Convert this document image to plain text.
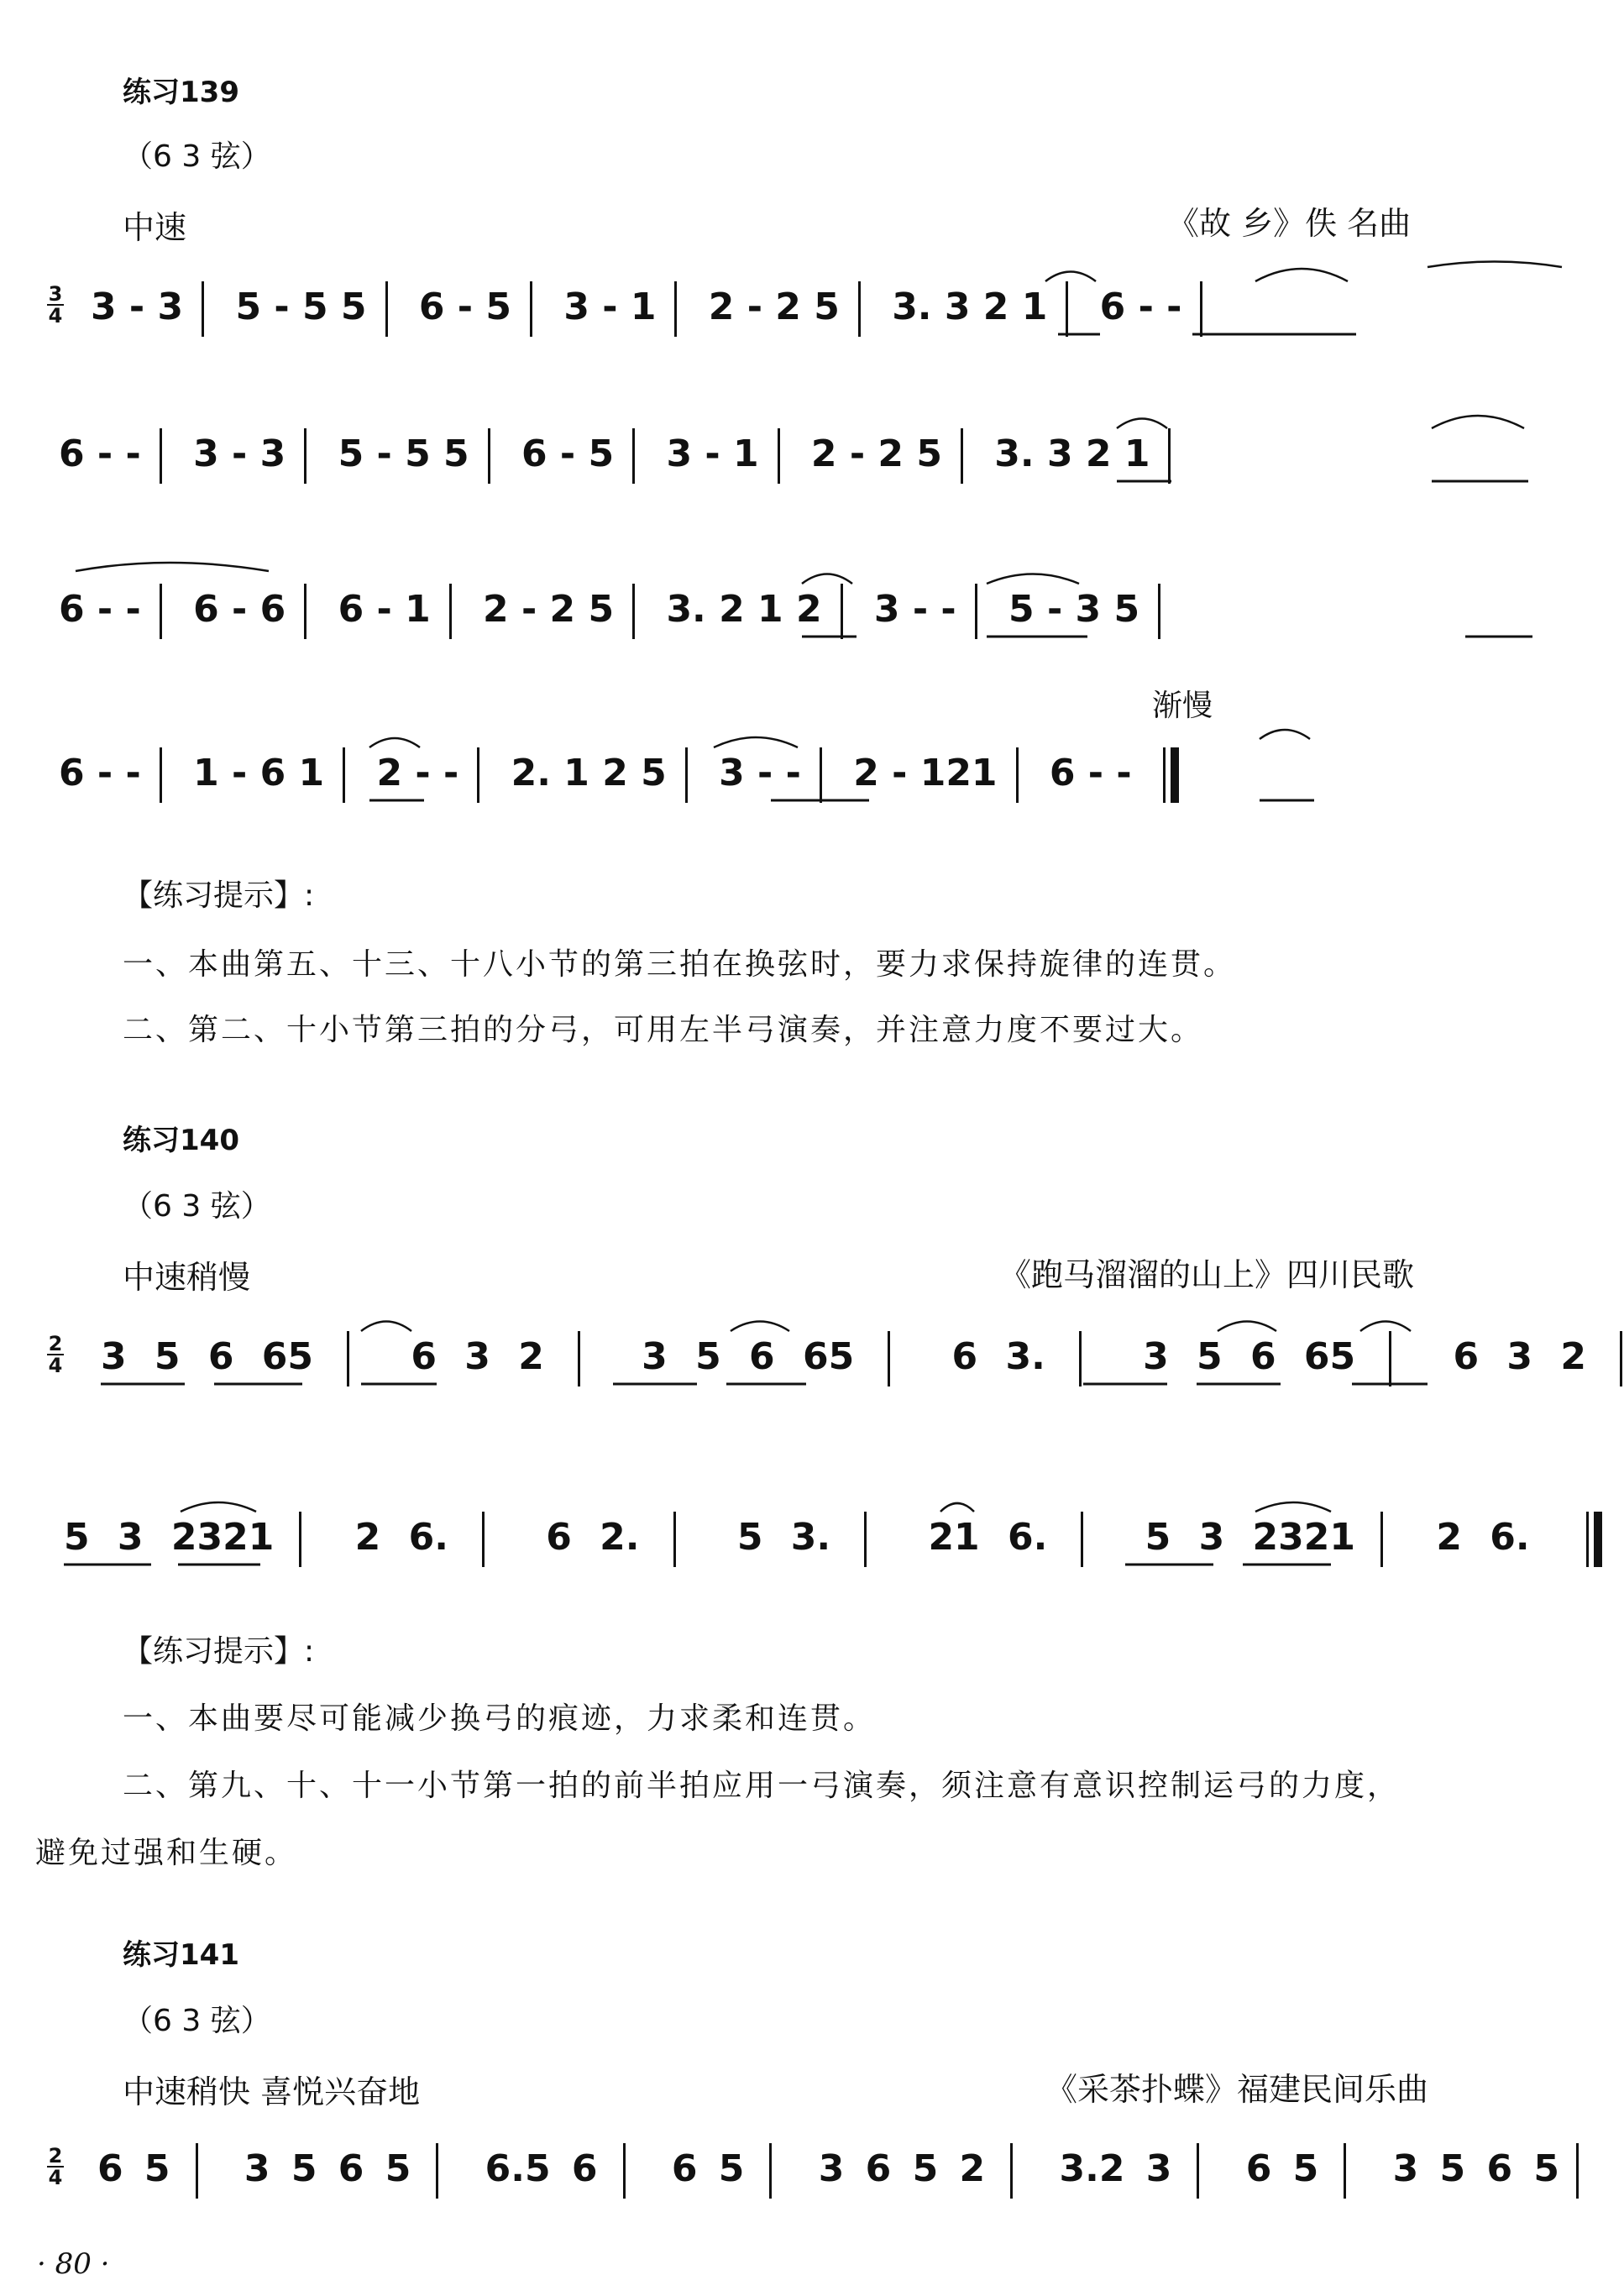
练习139
（6 3 弦）
中速	《故 乡》佚 名曲
3
4 3 - 3 5 - 5 5 6 - 5 3 - 1 2 - 2 5 3. 3 2 1 6 - -
6 - - 3 - 3 5 - 5 5 6 - 5 3 - 1 2 - 2 5 3. 3 2 1
6 - - 6 - 6 6 - 1 2 - 2 5 3. 2 1 2 3 - - 5 - 3 5
渐慢
6 - - 1 - 6 1 2 - - 2. 1 2 5 3 - - 2 - 121 6 - -
【练习提示】:
一、本曲第五、十三、十八小节的第三拍在换弦时，要力求保持旋律的连贯。
二、第二、十小节第三拍的分弓，可用左半弓演奏，并注意力度不要过大。
练习140
（6 3 弦）
中速稍慢	《跑马溜溜的山上》四川民歌
2
4 3 5 6 65	6 3 2	3 5 6 65	6 3.	3 5 6 65	6 3 2
5 3 2321 2 6.	6 2.	5 3.	21 6.	5 3 2321 2 6.
【练习提示】:
一、本曲要尽可能减少换弓的痕迹，力求柔和连贯。
二、第九、十、十一小节第一拍的前半拍应用一弓演奏，须注意有意识控制运弓的力度，
避免过强和生硬。
练习141
（6 3 弦）
中速稍快 喜悦兴奋地	《采茶扑蝶》福建民间乐曲
2
4 6 5 3 5 6 5 6.5 6 6 5 3 6 5 2 3.2 3 6 5 3 5 6 5
· 80 ·
